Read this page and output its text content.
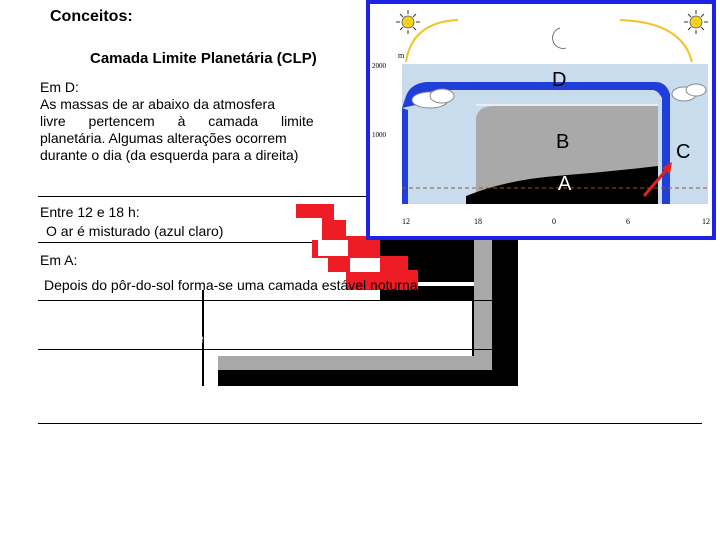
Conceitos:
Camada Limite Planetária (CLP)
Em D:
As massas de ar abaixo da atmosfera
livre pertencem à camada limite
planetária. Algumas alterações ocorrem
durante o dia (da esquerda para a direita)
Entre 12 e 18 h:
O ar é misturado (azul claro)
Em A:
Depois do pôr-do-sol forma-se uma camada estável noturna
nec
o:
m
2000
1000
D
B
A
C
12	18	0	6	12
